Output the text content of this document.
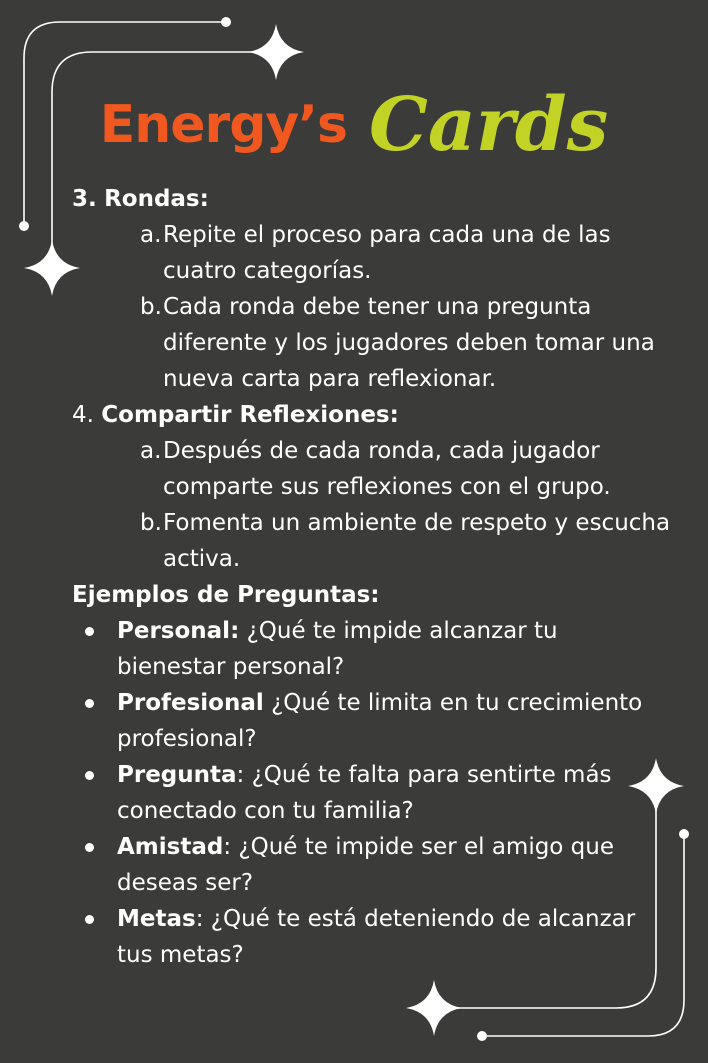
Energy’s Cards

3. Rondas:

a. Repite el proceso para cada una de las cuatro categorías.

b. Cada ronda debe tener una pregunta diferente y los jugadores deben tomar una nueva carta para reflexionar.

4. Compartir Reflexiones:

a. Después de cada ronda, cada jugador comparte sus reflexiones con el grupo.

b. Fomenta un ambiente de respeto y escucha activa.

Ejemplos de Preguntas:

Personal: ¿Qué te impide alcanzar tu bienestar personal?

Profesional ¿Qué te limita en tu crecimiento profesional?

Pregunta: ¿Qué te falta para sentirte más conectado con tu familia?

Amistad: ¿Qué te impide ser el amigo que deseas ser?

Metas: ¿Qué te está deteniendo de alcanzar tus metas?
